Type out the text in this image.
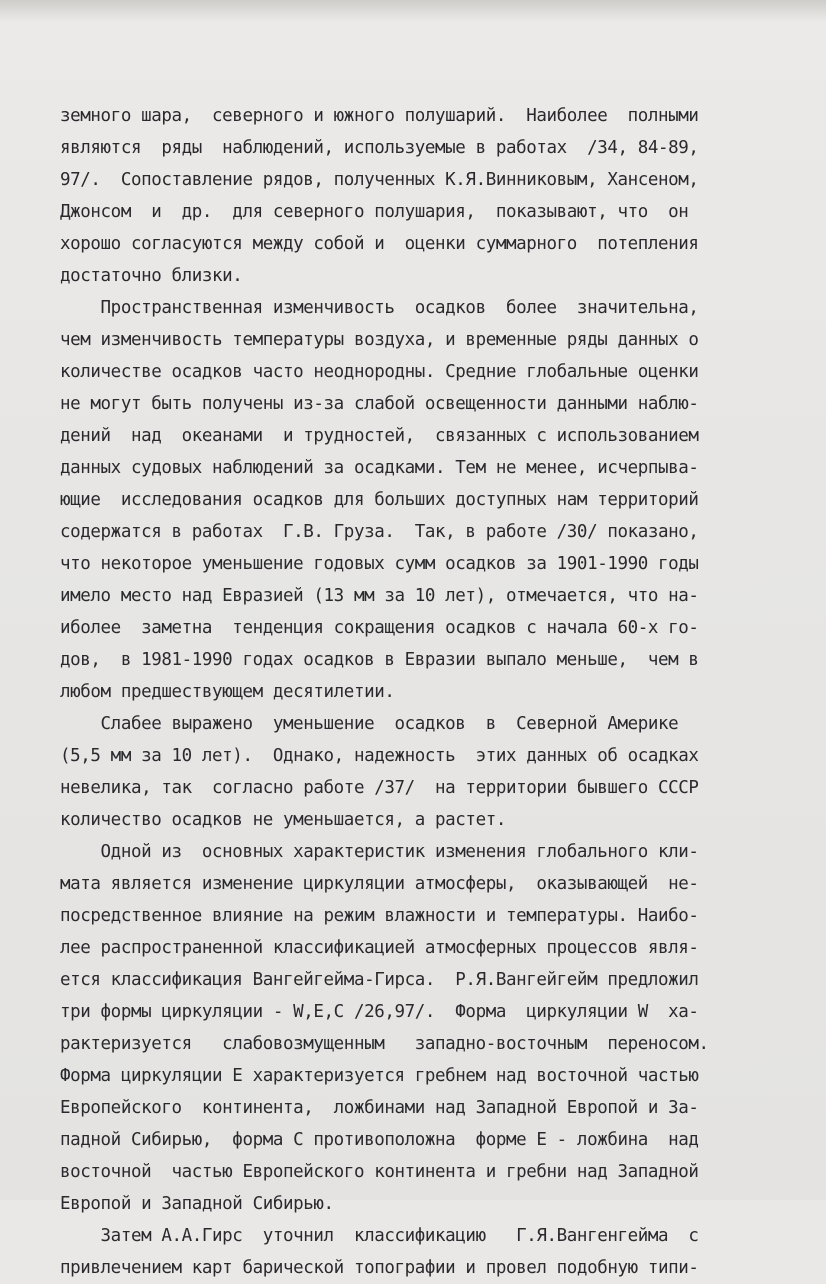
земного шара,  северного и южного полушарий.  Наиболее  полными
являются  ряды  наблюдений, используемые в работах  /34, 84-89,
97/.  Сопоставление рядов, полученных К.Я.Винниковым, Хансеном,
Джонсом  и  др.  для северного полушария,  показывают, что  он
хорошо согласуются между собой и  оценки суммарного  потепления
достаточно близки.
Пространственная изменчивость  осадков  более  значительна,
чем изменчивость температуры воздуха, и временные ряды данных о
количестве осадков часто неоднородны. Средние глобальные оценки
не могут быть получены из-за слабой освещенности данными наблю-
дений  над  океанами  и трудностей,  связанных с использованием
данных судовых наблюдений за осадками. Тем не менее, исчерпыва-
ющие  исследования осадков для больших доступных нам территорий
содержатся в работах  Г.В. Груза.  Так, в работе /30/ показано,
что некоторое уменьшение годовых сумм осадков за 1901-1990 годы
имело место над Евразией (13 мм за 10 лет), отмечается, что на-
иболее  заметна  тенденция сокращения осадков с начала 60-х го-
дов,  в 1981-1990 годах осадков в Евразии выпало меньше,  чем в
любом предшествующем десятилетии.
Слабее выражено  уменьшение  осадков  в  Северной Америке
(5,5 мм за 10 лет).  Однако, надежность  этих данных об осадках
невелика, так  согласно работе /37/  на территории бывшего СССР
количество осадков не уменьшается, а растет.
Одной из  основных характеристик изменения глобального кли-
мата является изменение циркуляции атмосферы,  оказывающей  не-
посредственное влияние на режим влажности и температуры. Наибо-
лее распространенной классификацией атмосферных процессов явля-
ется классификация Вангейгейма-Гирса.  Р.Я.Вангейгейм предложил
три формы циркуляции - W,E,C /26,97/.  Форма  циркуляции W  ха-
рактеризуется   слабовозмущенным   западно-восточным  переносом.
Форма циркуляции Е характеризуется гребнем над восточной частью
Европейского  континента,  ложбинами над Западной Европой и За-
падной Сибирью,  форма С противоположна  форме Е - ложбина  над
восточной  частью Европейского континента и гребни над Западной
Европой и Западной Сибирью.
Затем А.А.Гирс  уточнил  классификацию   Г.Я.Вангенгейма  с
привлечением карт барической топографии и провел подобную типи-
